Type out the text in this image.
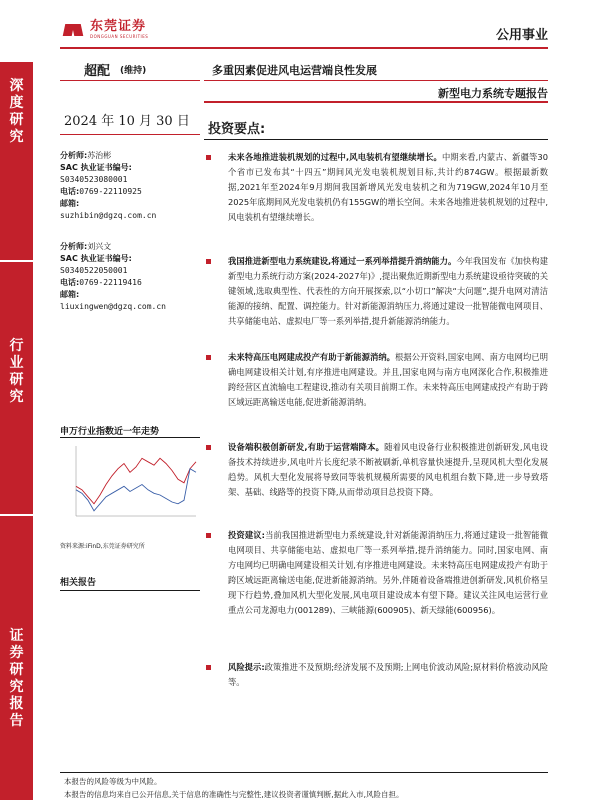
东莞证券
DONGGUAN SECURITIES	公用事业
超配 (维持)	多重因素促进风电运营端良性发展
新型电力系统专题报告
深
度
研
究
行
业
研
究
证
券
研
究
报
告
2024 年 10 月 30 日
分析师:苏治彬
SAC 执业证书编号:
S0340523080001
电话:0769-22110925
邮箱:
suzhibin@dgzq.com.cn
分析师:刘兴文
SAC 执业证书编号:
S0340522050001
电话:0769-22119416
邮箱:
liuxingwen@dgzq.com.cn
申万行业指数近一年走势
资料来源:iFinD,东莞证券研究所
相关报告
投资要点:

未来各地推进装机规划的过程中,风电装机有望继续增长。中期来看,内蒙古、新疆等30个省市已发布其“十四五”期间风光发电装机规划目标,共计约874GW。根据最新数据,2021年至2024年9月期间我国新增风光发电装机之和为719GW,2024年10月至2025年底期间风光发电装机仍有155GW的增长空间。未来各地推进装机规划的过程中,风电装机有望继续增长。

我国推进新型电力系统建设,将通过一系列举措提升消纳能力。今年我国发布《加快构建新型电力系统行动方案(2024-2027年)》,提出聚焦近期新型电力系统建设亟待突破的关键领域,选取典型性、代表性的方向开展探索,以“小切口”解决“大问题”,提升电网对清洁能源的接纳、配置、调控能力。针对新能源消纳压力,将通过建设一批智能微电网项目、共享储能电站、虚拟电厂等一系列举措,提升新能源消纳能力。

未来特高压电网建成投产有助于新能源消纳。根据公开资料,国家电网、南方电网均已明确电网建设相关计划,有序推进电网建设。并且,国家电网与南方电网深化合作,积极推进跨经营区直流输电工程建设,推动有关项目前期工作。未来特高压电网建成投产有助于跨区域远距离输送电能,促进新能源消纳。

设备端积极创新研发,有助于运营端降本。随着风电设备行业积极推进创新研发,风电设备技术持续进步,风电叶片长度纪录不断被刷新,单机容量快速提升,呈现风机大型化发展趋势。风机大型化发展将导致同等装机规模所需要的风电机组台数下降,进一步导致塔架、基础、线路等的投资下降,从而带动项目总投资下降。

投资建议:当前我国推进新型电力系统建设,针对新能源消纳压力,将通过建设一批智能微电网项目、共享储能电站、虚拟电厂等一系列举措,提升消纳能力。同时,国家电网、南方电网均已明确电网建设相关计划,有序推进电网建设。未来特高压电网建成投产有助于跨区域远距离输送电能,促进新能源消纳。另外,伴随着设备端推进创新研发,风机价格呈现下行趋势,叠加风机大型化发展,风电项目建设成本有望下降。建议关注风电运营行业重点公司龙源电力(001289)、三峡能源(600905)、新天绿能(600956)。

风险提示:政策推进不及预期;经济发展不及预期;上网电价波动风险;原材料价格波动风险等。

本报告的风险等级为中风险。
本报告的信息均来自已公开信息,关于信息的准确性与完整性,建议投资者谨慎判断,据此入市,风险自担。
